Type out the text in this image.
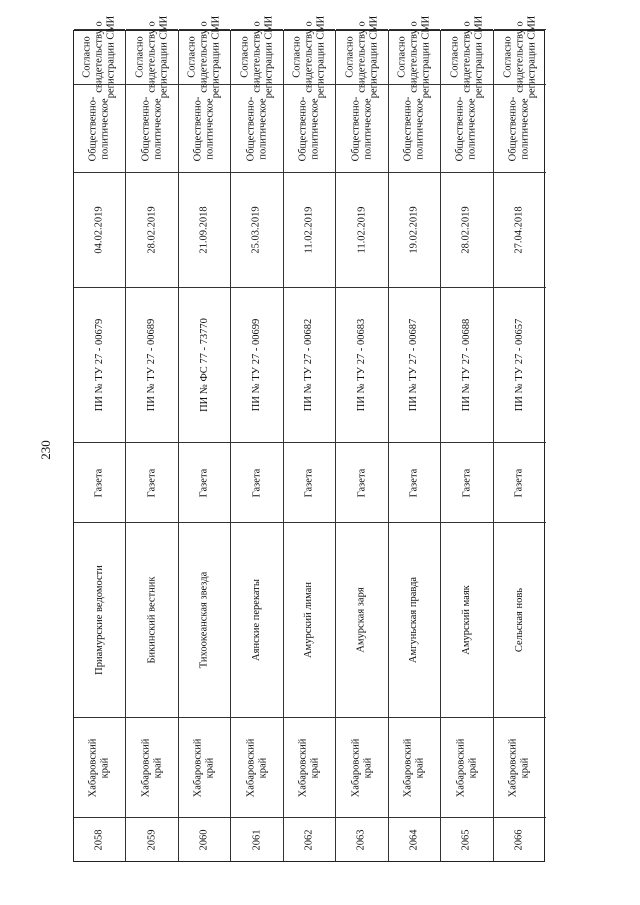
230
2058
Хабаровский
край
Приамурские ведомости
Газета
ПИ № ТУ 27 - 00679
04.02.2019
Общественно-
политическое
Согласно
свидетельству о
регистрации СМИ
2059
Хабаровский
край
Бикинский вестник
Газета
ПИ № ТУ 27 - 00689
28.02.2019
Общественно-
политическое
Согласно
свидетельству о
регистрации СМИ
2060
Хабаровский
край
Тихоокеанская звезда
Газета
ПИ № ФС 77 - 73770
21.09.2018
Общественно-
политическое
Согласно
свидетельству о
регистрации СМИ
2061
Хабаровский
край
Аянские перекаты
Газета
ПИ № ТУ 27 - 00699
25.03.2019
Общественно-
политическое
Согласно
свидетельству о
регистрации СМИ
2062
Хабаровский
край
Амурский лиман
Газета
ПИ № ТУ 27 - 00682
11.02.2019
Общественно-
политическое
Согласно
свидетельству о
регистрации СМИ
2063
Хабаровский
край
Амурская заря
Газета
ПИ № ТУ 27 - 00683
11.02.2019
Общественно-
политическое
Согласно
свидетельству о
регистрации СМИ
2064
Хабаровский
край
Амгуньская правда
Газета
ПИ № ТУ 27 - 00687
19.02.2019
Общественно-
политическое
Согласно
свидетельству о
регистрации СМИ
2065
Хабаровский
край
Амурский маяк
Газета
ПИ № ТУ 27 - 00688
28.02.2019
Общественно-
политическое
Согласно
свидетельству о
регистрации СМИ
2066
Хабаровский
край
Сельская новь
Газета
ПИ № ТУ 27 - 00657
27.04.2018
Общественно-
политическое
Согласно
свидетельству о
регистрации СМИ
